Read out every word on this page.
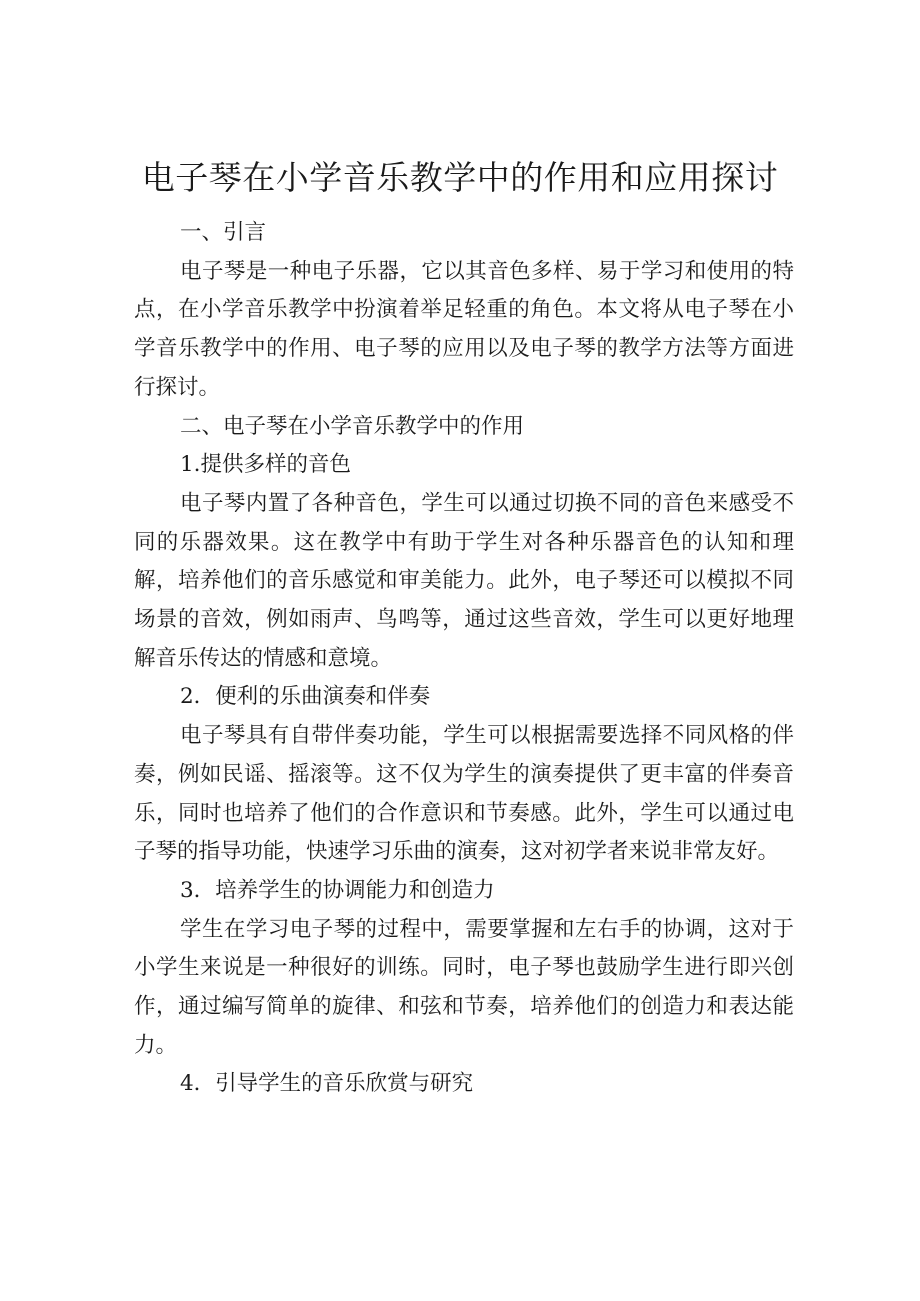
电子琴在小学音乐教学中的作用和应用探讨

一、引言

电子琴是一种电子乐器，它以其音色多样、易于学习和使用的特点，在小学音乐教学中扮演着举足轻重的角色。本文将从电子琴在小学音乐教学中的作用、电子琴的应用以及电子琴的教学方法等方面进行探讨。

二、电子琴在小学音乐教学中的作用

1.提供多样的音色

电子琴内置了各种音色，学生可以通过切换不同的音色来感受不同的乐器效果。这在教学中有助于学生对各种乐器音色的认知和理解，培养他们的音乐感觉和审美能力。此外，电子琴还可以模拟不同场景的音效，例如雨声、鸟鸣等，通过这些音效，学生可以更好地理解音乐传达的情感和意境。

2．便利的乐曲演奏和伴奏

电子琴具有自带伴奏功能，学生可以根据需要选择不同风格的伴奏，例如民谣、摇滚等。这不仅为学生的演奏提供了更丰富的伴奏音乐，同时也培养了他们的合作意识和节奏感。此外，学生可以通过电子琴的指导功能，快速学习乐曲的演奏，这对初学者来说非常友好。

3．培养学生的协调能力和创造力

学生在学习电子琴的过程中，需要掌握和左右手的协调，这对于小学生来说是一种很好的训练。同时，电子琴也鼓励学生进行即兴创作，通过编写简单的旋律、和弦和节奏，培养他们的创造力和表达能力。

4．引导学生的音乐欣赏与研究
